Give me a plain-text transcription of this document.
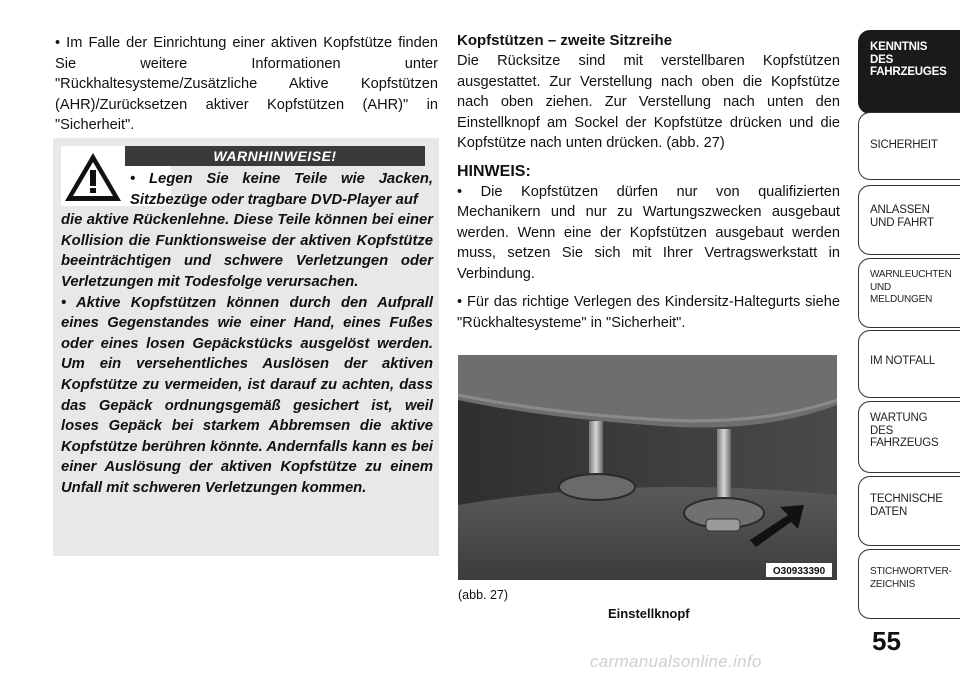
• Im Falle der Einrichtung einer aktiven Kopfstütze finden Sie weitere Informationen unter "Rückhaltesysteme/Zusätzliche Aktive Kopfstützen (AHR)/Zurücksetzen aktiver Kopfstützen (AHR)" in "Sicherheit".

WARNHINWEISE!

• Legen Sie keine Teile wie Jacken, Sitzbezüge oder tragbare DVD-Player auf

die aktive Rückenlehne. Diese Teile können bei einer Kollision die Funktionsweise der aktiven Kopfstütze beeinträchtigen und schwere Verletzungen oder Verletzungen mit Todesfolge verursachen.

• Aktive Kopfstützen können durch den Aufprall eines Gegenstandes wie einer Hand, eines Fußes oder eines losen Gepäckstücks ausgelöst werden. Um ein versehentliches Auslösen der aktiven Kopfstütze zu vermeiden, ist darauf zu achten, dass das Gepäck ordnungsgemäß gesichert ist, weil loses Gepäck bei starkem Abbremsen die aktive Kopfstütze berühren könnte. Andernfalls kann es bei einer Auslösung der aktiven Kopfstütze zu einem Unfall mit schweren Verletzungen kommen.

Kopfstützen – zweite Sitzreihe

Die Rücksitze sind mit verstellbaren Kopfstützen ausgestattet. Zur Verstellung nach oben die Kopfstütze nach oben ziehen. Zur Verstellung nach unten den Einstellknopf am Sockel der Kopfstütze drücken und die Kopfstütze nach unten drücken. (abb. 27)

HINWEIS:

• Die Kopfstützen dürfen nur von qualifizierten Mechanikern und nur zu Wartungszwecken ausgebaut werden. Wenn eine der Kopfstützen ausgebaut werden muss, setzen Sie sich mit Ihrer Vertragswerkstatt in Verbindung.

• Für das richtige Verlegen des Kindersitz-Haltegurts siehe "Rückhaltesysteme" in "Sicherheit".

O30933390
(abb. 27)
Einstellknopf
KENNTNIS
DES
FAHRZEUGES
SICHERHEIT
ANLASSEN
UND FAHRT
WARNLEUCHTEN
UND
MELDUNGEN
IM NOTFALL
WARTUNG
DES
FAHRZEUGS
TECHNISCHE
DATEN
STICHWORTVER-
ZEICHNIS
55
carmanualsonline.info
